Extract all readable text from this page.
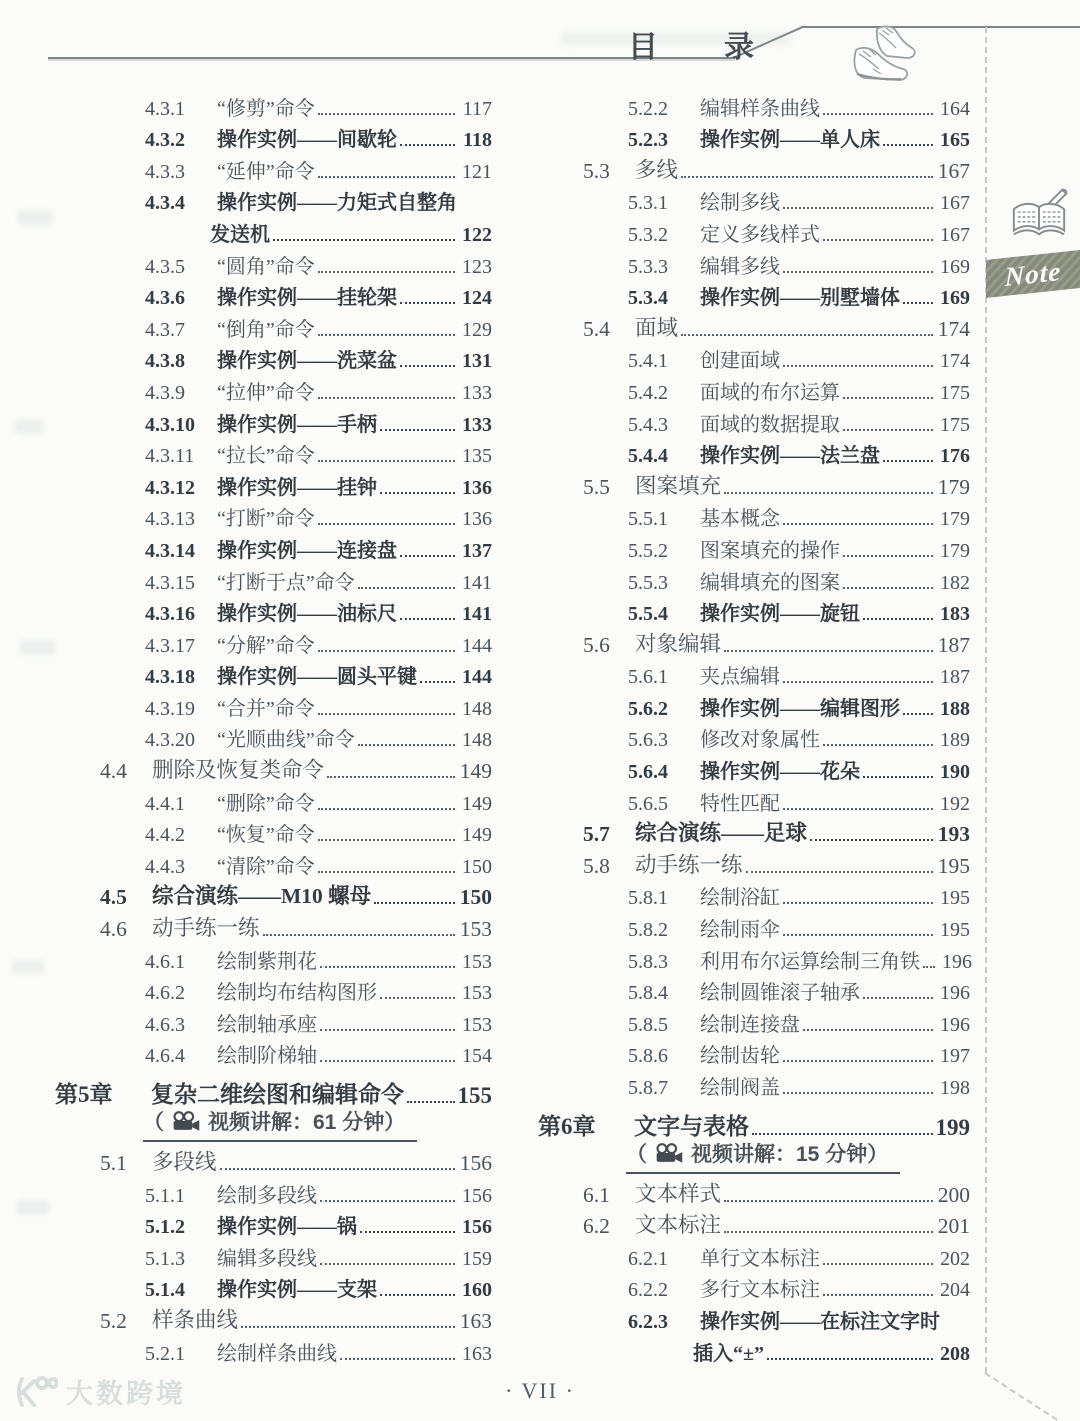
目　录
Note
4.3.1	“修剪”命令	117
4.3.2	操作实例——间歇轮	118
4.3.3	“延伸”命令	121
4.3.4	操作实例——力矩式自整角
发送机	122
4.3.5	“圆角”命令	123
4.3.6	操作实例——挂轮架	124
4.3.7	“倒角”命令	129
4.3.8	操作实例——洗菜盆	131
4.3.9	“拉伸”命令	133
4.3.10	操作实例——手柄	133
4.3.11	“拉长”命令	135
4.3.12	操作实例——挂钟	136
4.3.13	“打断”命令	136
4.3.14	操作实例——连接盘	137
4.3.15	“打断于点”命令	141
4.3.16	操作实例——油标尺	141
4.3.17	“分解”命令	144
4.3.18	操作实例——圆头平键 144
4.3.19	“合并”命令	148
4.3.20	“光顺曲线”命令	148
4.4	删除及恢复类命令	149
4.4.1	“删除”命令	149
4.4.2	“恢复”命令	149
4.4.3	“清除”命令	150
4.5	综合演练——M10 螺母	150
4.6	动手练一练	153
4.6.1	绘制紫荆花	153
4.6.2	绘制均布结构图形	153
4.6.3	绘制轴承座	153
4.6.4	绘制阶梯轴	154
第5章	复杂二维绘图和编辑命令 155
（ 视频讲解：61 分钟）
5.1	多段线	156
5.1.1	绘制多段线	156
5.1.2	操作实例——锅	156
5.1.3	编辑多段线	159
5.1.4	操作实例——支架	160
5.2	样条曲线	163
5.2.1	绘制样条曲线	163
5.2.2	编辑样条曲线	164
5.2.3	操作实例——单人床	165
5.3	多线	167
5.3.1	绘制多线	167
5.3.2	定义多线样式	167
5.3.3	编辑多线	169
5.3.4	操作实例——别墅墙体 169
5.4	面域	174
5.4.1	创建面域	174
5.4.2	面域的布尔运算	175
5.4.3	面域的数据提取	175
5.4.4	操作实例——法兰盘	176
5.5	图案填充	179
5.5.1	基本概念	179
5.5.2	图案填充的操作	179
5.5.3	编辑填充的图案	182
5.5.4	操作实例——旋钮	183
5.6	对象编辑	187
5.6.1	夹点编辑	187
5.6.2	操作实例——编辑图形 188
5.6.3	修改对象属性	189
5.6.4	操作实例——花朵	190
5.6.5	特性匹配	192
5.7	综合演练——足球	193
5.8	动手练一练	195
5.8.1	绘制浴缸	195
5.8.2	绘制雨伞	195
5.8.3	利用布尔运算绘制三角铁 196
5.8.4	绘制圆锥滚子轴承	196
5.8.5	绘制连接盘	196
5.8.6	绘制齿轮	197
5.8.7	绘制阀盖	198
第6章	文字与表格	199
（ 视频讲解：15 分钟）
6.1	文本样式	200
6.2	文本标注	201
6.2.1	单行文本标注	202
6.2.2	多行文本标注	204
6.2.3	操作实例——在标注文字时
插入“±”	208
· VII ·
大数跨境
